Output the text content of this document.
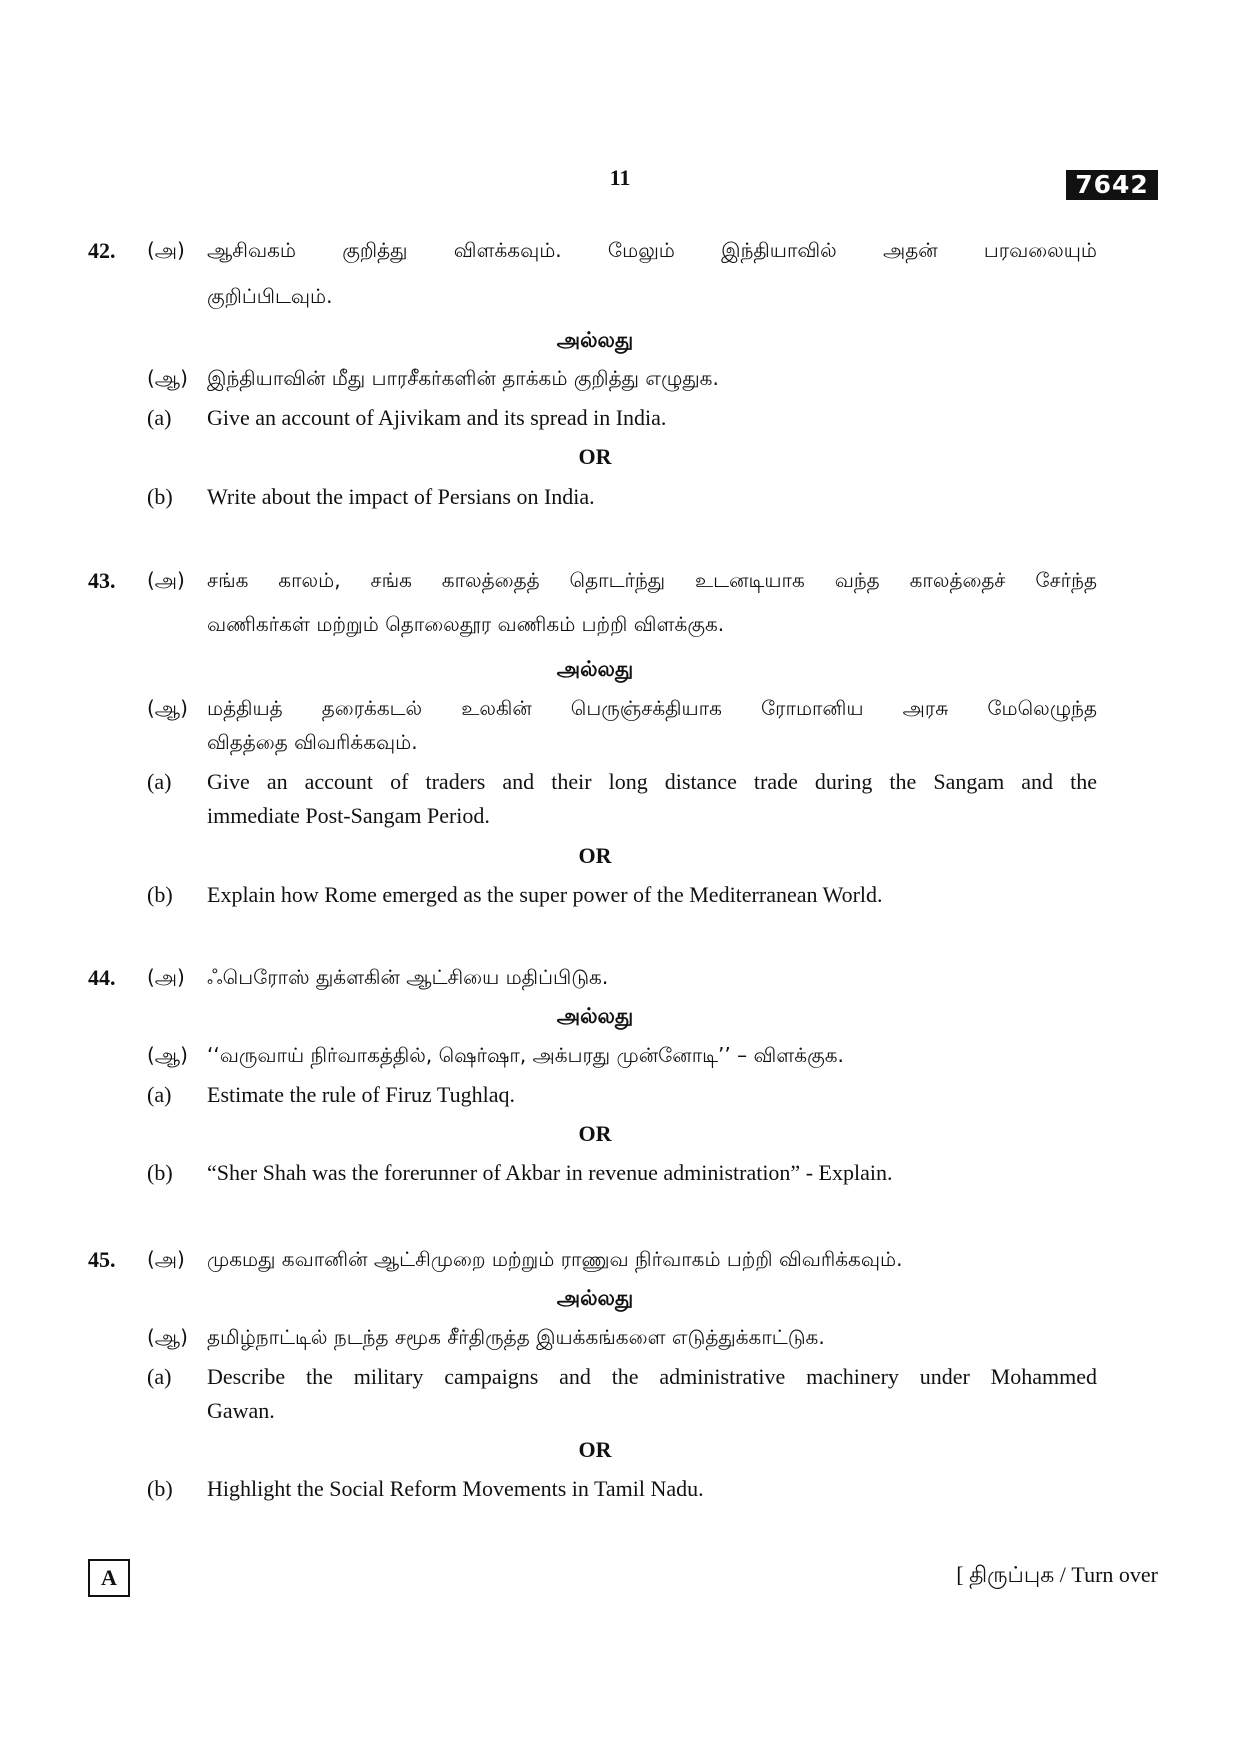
11	7642
42. (அ) ஆசிவகம் குறித்து விளக்கவும். மேலும் இந்தியாவில் அதன் பரவலையும்
குறிப்பிடவும்.
அல்லது
(ஆ) இந்தியாவின் மீது பாரசீகர்களின் தாக்கம் குறித்து எழுதுக.
(a) Give an account of Ajivikam and its spread in India.
OR
(b) Write about the impact of Persians on India.
43. (அ) சங்க காலம், சங்க காலத்தைத் தொடர்ந்து உடனடியாக வந்த காலத்தைச் சேர்ந்த
வணிகர்கள் மற்றும் தொலைதூர வணிகம் பற்றி விளக்குக.
அல்லது
(ஆ) மத்தியத் தரைக்கடல் உலகின் பெருஞ்சக்தியாக ரோமானிய அரசு மேலெழுந்த
விதத்தை விவரிக்கவும்.
(a) Give an account of traders and their long distance trade during the Sangam and the
immediate Post-Sangam Period.
OR
(b) Explain how Rome emerged as the super power of the Mediterranean World.
44. (அ) ஃபெரோஸ் துக்ளகின் ஆட்சியை மதிப்பிடுக.
அல்லது
(ஆ) ‘‘வருவாய் நிர்வாகத்தில், ஷெர்ஷா, அக்பரது முன்னோடி’’ – விளக்குக.
(a) Estimate the rule of Firuz Tughlaq.
OR
(b) “Sher Shah was the forerunner of Akbar in revenue administration” - Explain.
45. (அ) முகமது கவானின் ஆட்சிமுறை மற்றும் ராணுவ நிர்வாகம் பற்றி விவரிக்கவும்.
அல்லது
(ஆ) தமிழ்நாட்டில் நடந்த சமூக சீர்திருத்த இயக்கங்களை எடுத்துக்காட்டுக.
(a) Describe the military campaigns and the administrative machinery under Mohammed
Gawan.
OR
(b) Highlight the Social Reform Movements in Tamil Nadu.
A	[ திருப்புக / Turn over
